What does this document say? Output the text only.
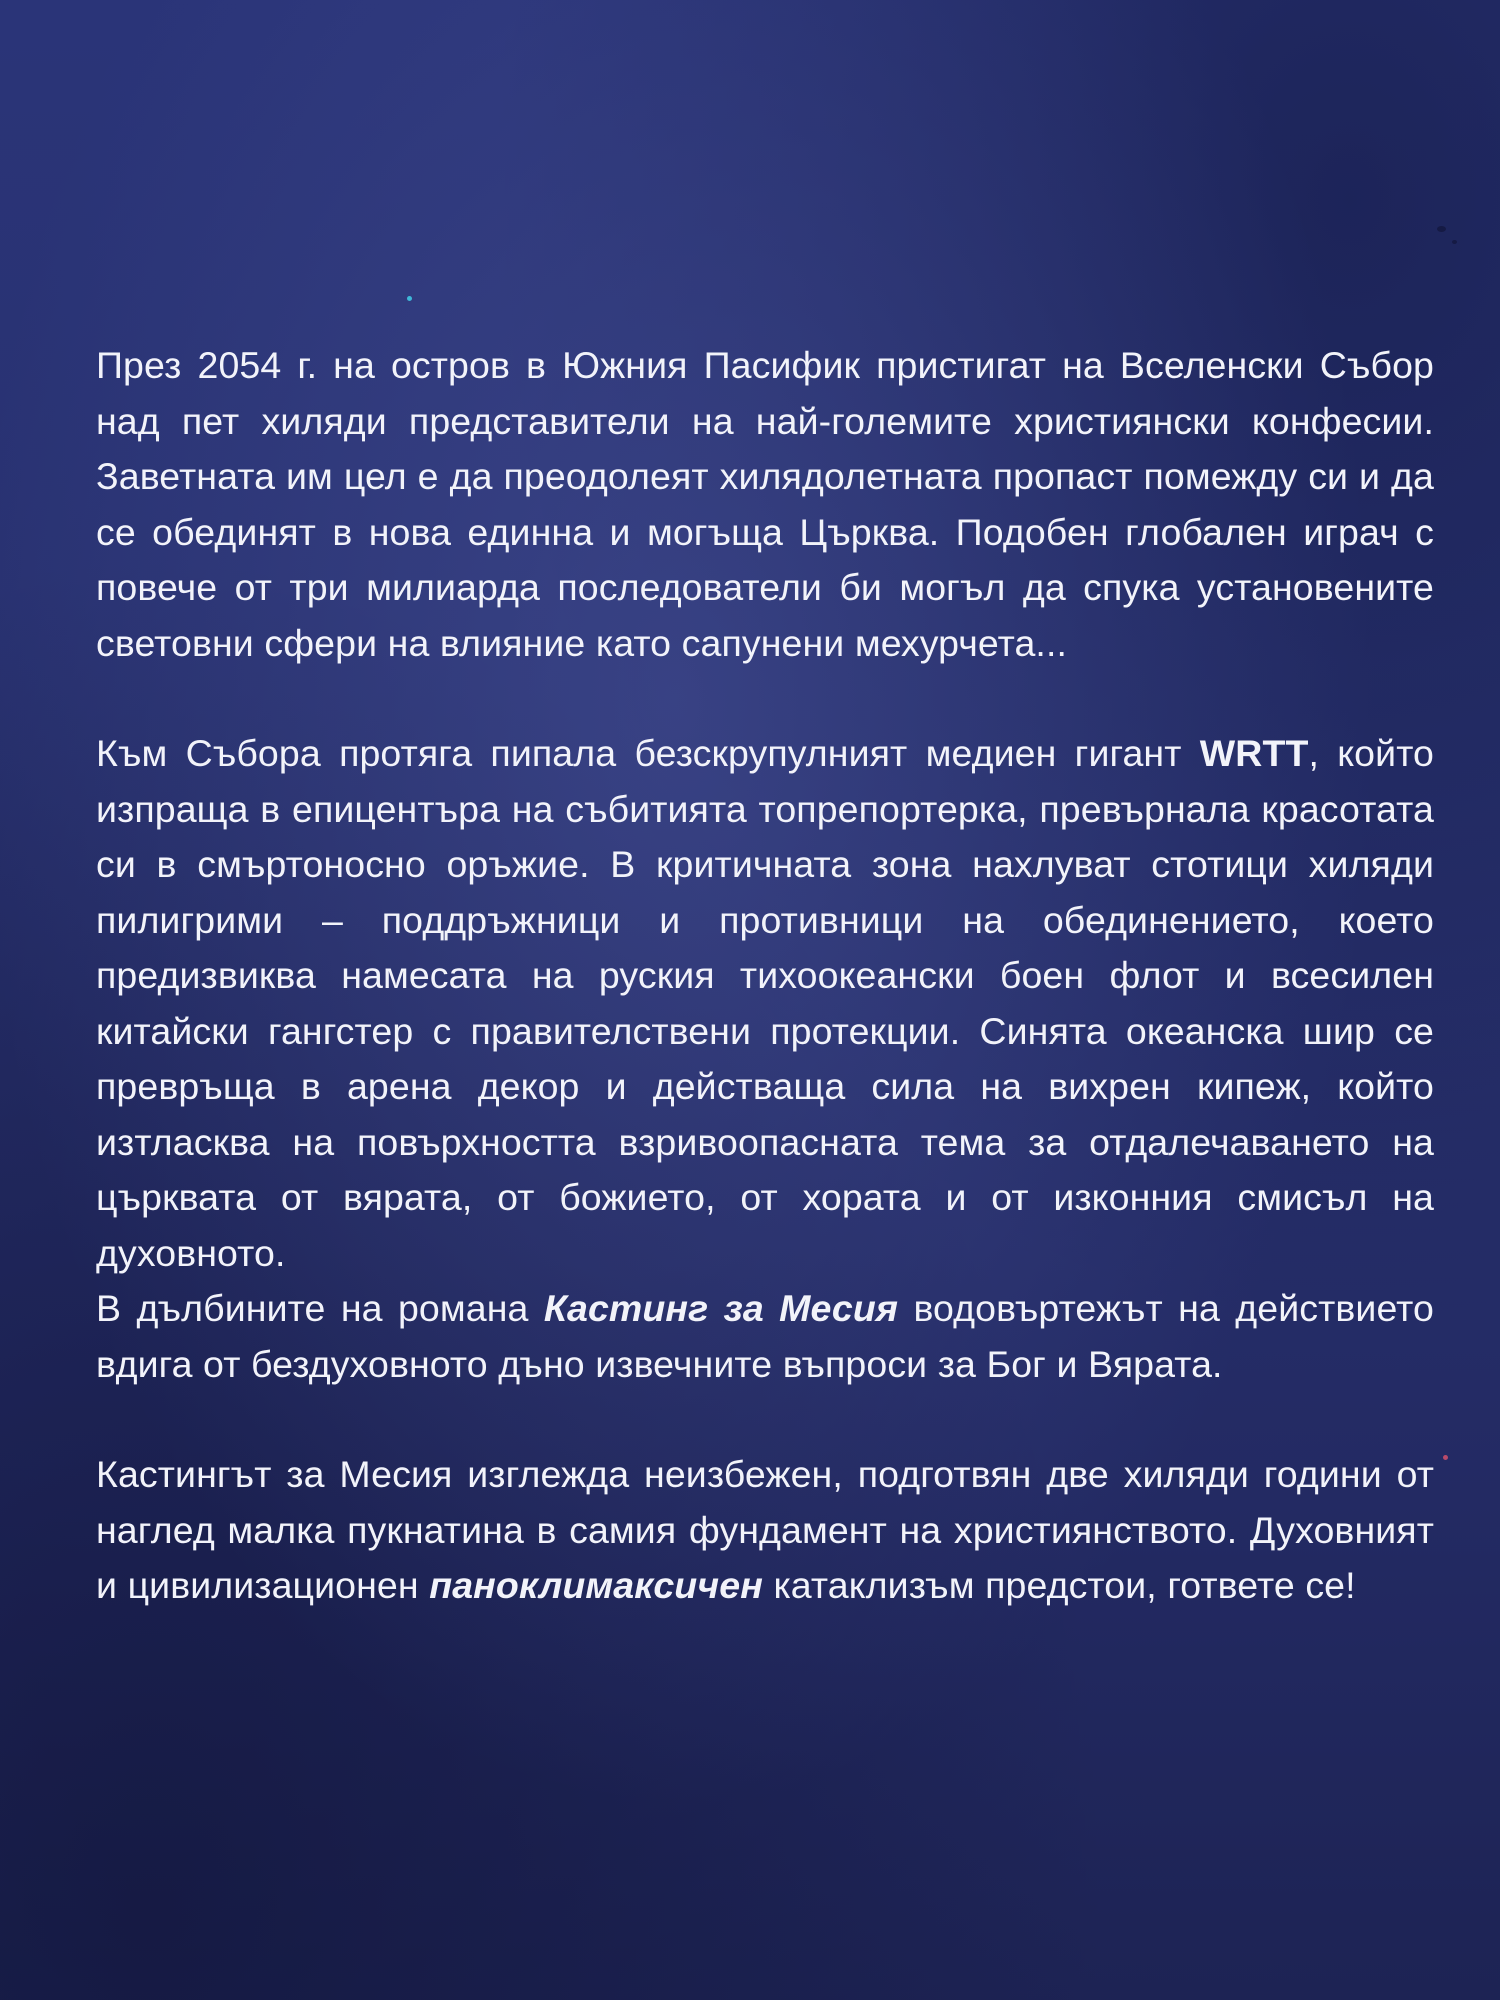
През 2054 г. на остров в Южния Пасифик пристигат на Вселенски Събор над пет хиляди представители на най-големите християнски конфесии. Заветната им цел е да преодолеят хилядолетната пропаст помежду си и да се обединят в нова единна и могъща Църква. Подобен глобален играч с повече от три милиарда последователи би могъл да спука установените световни сфери на влияние като сапунени мехурчета...

Към Събора протяга пипала безскрупулният медиен гигант WRTT, който изпраща в епицентъра на събитията топрепортерка, превърнала красотата си в смъртоносно оръжие. В критичната зона нахлуват стотици хиляди пилигрими – поддръжници и противници на обединението, което предизвиква намесата на руския тихоокеански боен флот и всесилен китайски гангстер с правителствени протекции. Синята океанска шир се превръща в арена декор и действаща сила на вихрен кипеж, който изтласква на повърхността взривоопасната тема за отдалечаването на църквата от вярата, от божието, от хората и от изконния смисъл на духовното.

В дълбините на романа Кастинг за Месия водовъртежът на действието вдига от бездуховното дъно извечните въпроси за Бог и Вярата.

Кастингът за Месия изглежда неизбежен, подготвян две хиляди години от наглед малка пукнатина в самия фундамент на християнството. Духовният и цивилизационен паноклимаксичен катаклизъм предстои, гответе се!
